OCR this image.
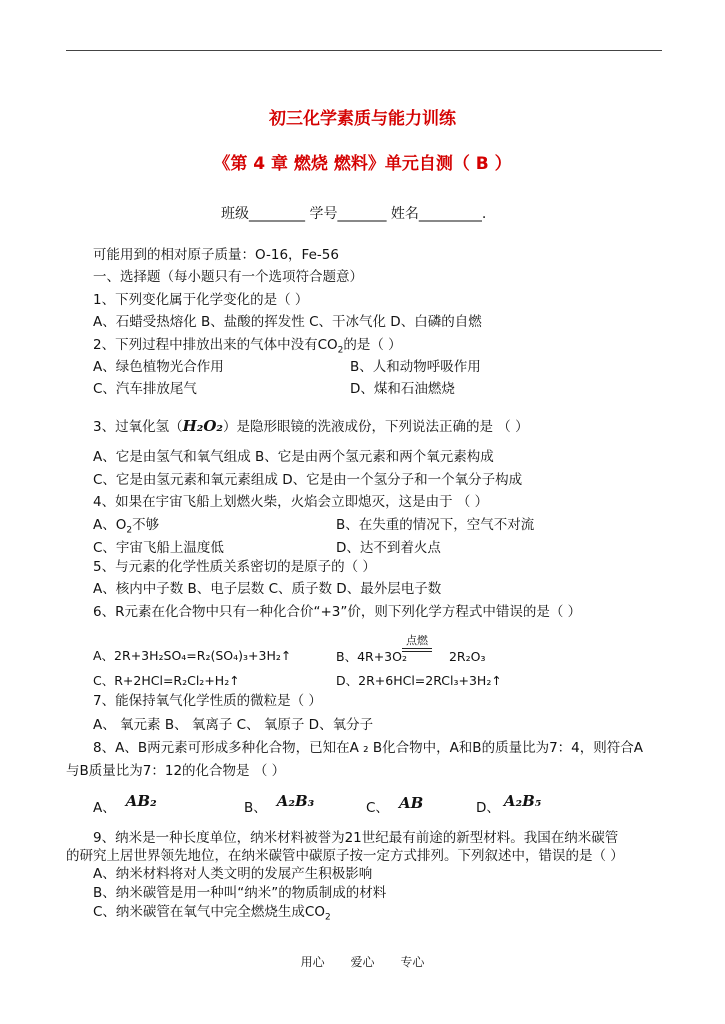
初三化学素质与能力训练
《第 4 章 燃烧 燃料》单元自测（ B ）
班级________ 学号_______ 姓名_________.
可能用到的相对原子质量：O-16，Fe-56
一、选择题（每小题只有一个选项符合题意）
1、下列变化属于化学变化的是（ ）
A、石蜡受热熔化 B、盐酸的挥发性 C、干冰气化 D、白磷的自燃
2、下列过程中排放出来的气体中没有$CO_2$的是（ ）
A、绿色植物光合作用	B、人和动物呼吸作用
C、汽车排放尾气	D、煤和石油燃烧
3、过氧化氢（H₂O₂）是隐形眼镜的洗液成份，下列说法正确的是 （ ）
A、它是由氢气和氧气组成 B、它是由两个氢元素和两个氧元素构成
C、它是由氢元素和氧元素组成 D、它是由一个氢分子和一个氧分子构成
4、如果在宇宙飞船上划燃火柴，火焰会立即熄灭，这是由于 （ ）
A、$O_2$不够	B、在失重的情况下，空气不对流
C、宇宙飞船上温度低	D、达不到着火点
5、与元素的化学性质关系密切的是原子的（ ）
A、核内中子数 B、电子层数 C、质子数 D、最外层电子数
6、R元素在化合物中只有一种化合价“+3”价，则下列化学方程式中错误的是（ ）
A、2R+3H₂SO₄=R₂(SO₄)₃+3H₂↑	B、4R+3O₂	2R₂O₃
点燃
C、R+2HCl=R₂Cl₂+H₂↑	D、2R+6HCl=2RCl₃+3H₂↑
7、能保持氧气化学性质的微粒是（ ）
A、 氧元素 B、 氧离子 C、 氧原子 D、氧分子
8、A、B两元素可形成多种化合物，已知在A ₂ B化合物中，A和B的质量比为7：4，则符合A
与B质量比为7：12的化合物是 （ ）
A、 AB₂	B、 A₂B₃	C、 AB	D、 A₂B₅
9、纳米是一种长度单位，纳米材料被誉为21世纪最有前途的新型材料。我国在纳米碳管
的研究上居世界领先地位，在纳米碳管中碳原子按一定方式排列。下列叙述中，错误的是（ ）
A、纳米材料将对人类文明的发展产生积极影响
B、纳米碳管是用一种叫“纳米”的物质制成的材料
C、纳米碳管在氧气中完全燃烧生成$CO_2$
用心 爱心 专心
